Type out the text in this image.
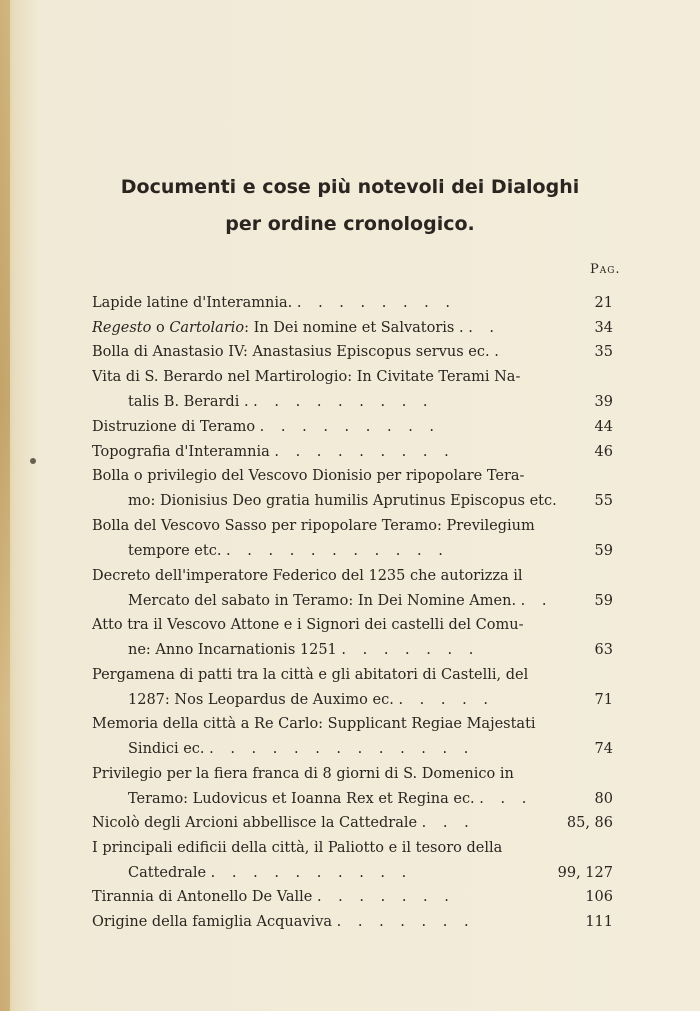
Documenti e cose più notevoli dei Dialoghi
per ordine cronologico.
Pag.
Lapide latine d'Interamnia. . . . . . . . .	21
Regesto o Cartolario: In Dei nomine et Salvatoris . . .	34
Bolla di Anastasio IV: Anastasius Episcopus servus ec. .	35
Vita di S. Berardo nel Martirologio: In Civitate Terami Na-
talis B. Berardi . . . . . . . . . .	39
Distruzione di Teramo . . . . . . . . .	44
Topografia d'Interamnia . . . . . . . . .	46
Bolla o privilegio del Vescovo Dionisio per ripopolare Tera-
mo: Dionisius Deo gratia humilis Aprutinus Episcopus etc.	55
Bolla del Vescovo Sasso per ripopolare Teramo: Previlegium
tempore etc. . . . . . . . . . . .	59
Decreto dell'imperatore Federico del 1235 che autorizza il
Mercato del sabato in Teramo: In Dei Nomine Amen. . .	59
Atto tra il Vescovo Attone e i Signori dei castelli del Comu-
ne: Anno Incarnationis 1251 . . . . . . .	63
Pergamena di patti tra la città e gli abitatori di Castelli, del
1287: Nos Leopardus de Auximo ec. . . . . .	71
Memoria della città a Re Carlo: Supplicant Regiae Majestati
Sindici ec. . . . . . . . . . . . . .	74
Privilegio per la fiera franca di 8 giorni di S. Domenico in
Teramo: Ludovicus et Ioanna Rex et Regina ec. . . .	80
Nicolò degli Arcioni abbellisce la Cattedrale . . .	85, 86
I principali edificii della città, il Paliotto e il tesoro della
Cattedrale . . . . . . . . . .	99, 127
Tirannia di Antonello De Valle . . . . . . .	106
Origine della famiglia Acquaviva . . . . . . .	111
